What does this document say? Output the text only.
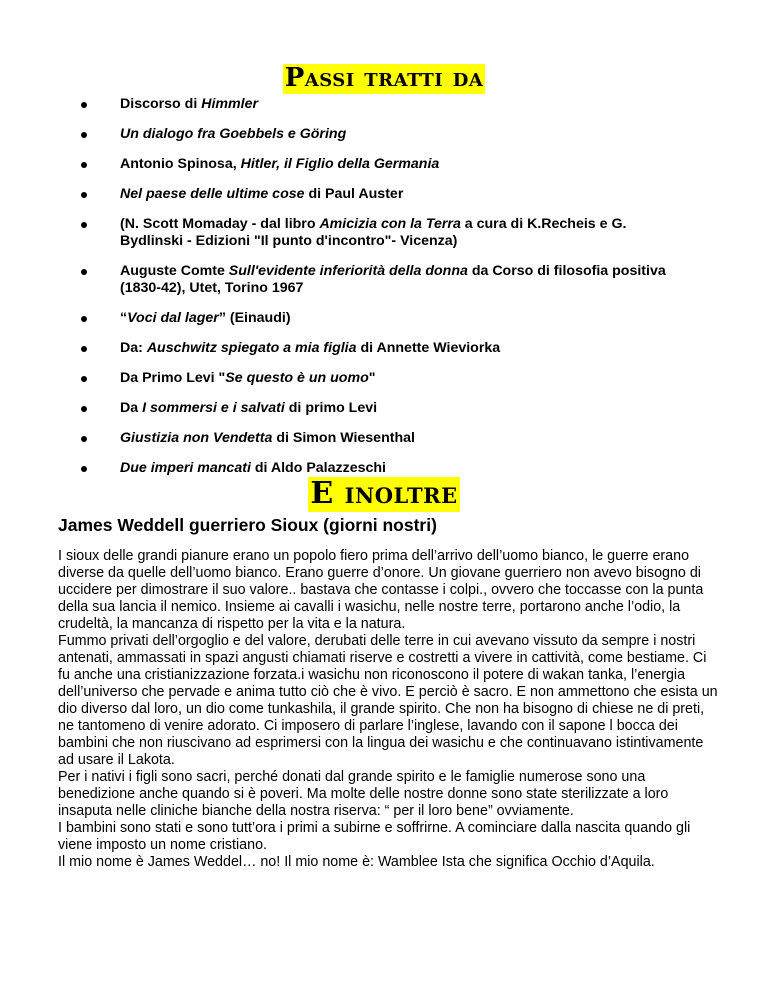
Passi tratti da
Discorso di Himmler
Un dialogo fra Goebbels e Göring
Antonio Spinosa, Hitler, il Figlio della Germania
Nel paese delle ultime cose di Paul Auster
(N. Scott Momaday - dal libro Amicizia con la Terra a cura di K.Recheis e G. Bydlinski - Edizioni "Il punto d'incontro"- Vicenza)
Auguste Comte Sull'evidente inferiorità della donna da Corso di filosofia positiva (1830-42), Utet, Torino 1967
“Voci dal lager” (Einaudi)
Da: Auschwitz spiegato a mia figlia di Annette Wieviorka
Da Primo Levi "Se questo è un uomo"
Da I sommersi e i salvati di primo Levi
Giustizia non Vendetta di Simon Wiesenthal
Due imperi mancati di Aldo Palazzeschi
E inoltre
James Weddell guerriero Sioux (giorni nostri)

I sioux delle grandi pianure erano un popolo fiero prima dell’arrivo dell’uomo bianco, le guerre erano diverse da quelle dell’uomo bianco. Erano guerre d’onore. Un giovane guerriero non avevo bisogno di uccidere per dimostrare il suo valore.. bastava che contasse i colpi., ovvero che toccasse con la punta della sua lancia il nemico. Insieme ai cavalli i wasichu, nelle nostre terre, portarono anche l’odio, la crudeltà, la mancanza di rispetto per la vita e la natura.

Fummo privati dell’orgoglio e del valore, derubati delle terre in cui avevano vissuto da sempre i nostri antenati, ammassati in spazi angusti chiamati riserve e costretti a vivere in cattività, come bestiame. Ci fu anche una cristianizzazione forzata.i wasichu non riconoscono il potere di wakan tanka, l’energia dell’universo che pervade e anima tutto ciò che è vivo. E perciò è sacro. E non ammettono che esista un dio diverso dal loro, un dio come tunkashila, il grande spirito. Che non ha bisogno di chiese ne di preti, ne tantomeno di venire adorato. Ci imposero di parlare l’inglese, lavando con il sapone l bocca dei bambini che non riuscivano ad esprimersi con la lingua dei wasichu e che continuavano istintivamente ad usare il Lakota.

Per i nativi i figli sono sacri, perché donati dal grande spirito e le famiglie numerose sono una benedizione anche quando si è poveri. Ma molte delle nostre donne sono state sterilizzate a loro insaputa nelle cliniche bianche della nostra riserva: “ per il loro bene” ovviamente.

I bambini sono stati e sono tutt’ora i primi a subirne e soffrirne. A cominciare dalla nascita quando gli viene imposto un nome cristiano.

Il mio nome è James Weddel… no! Il mio nome è: Wamblee Ista che significa Occhio d’Aquila.
